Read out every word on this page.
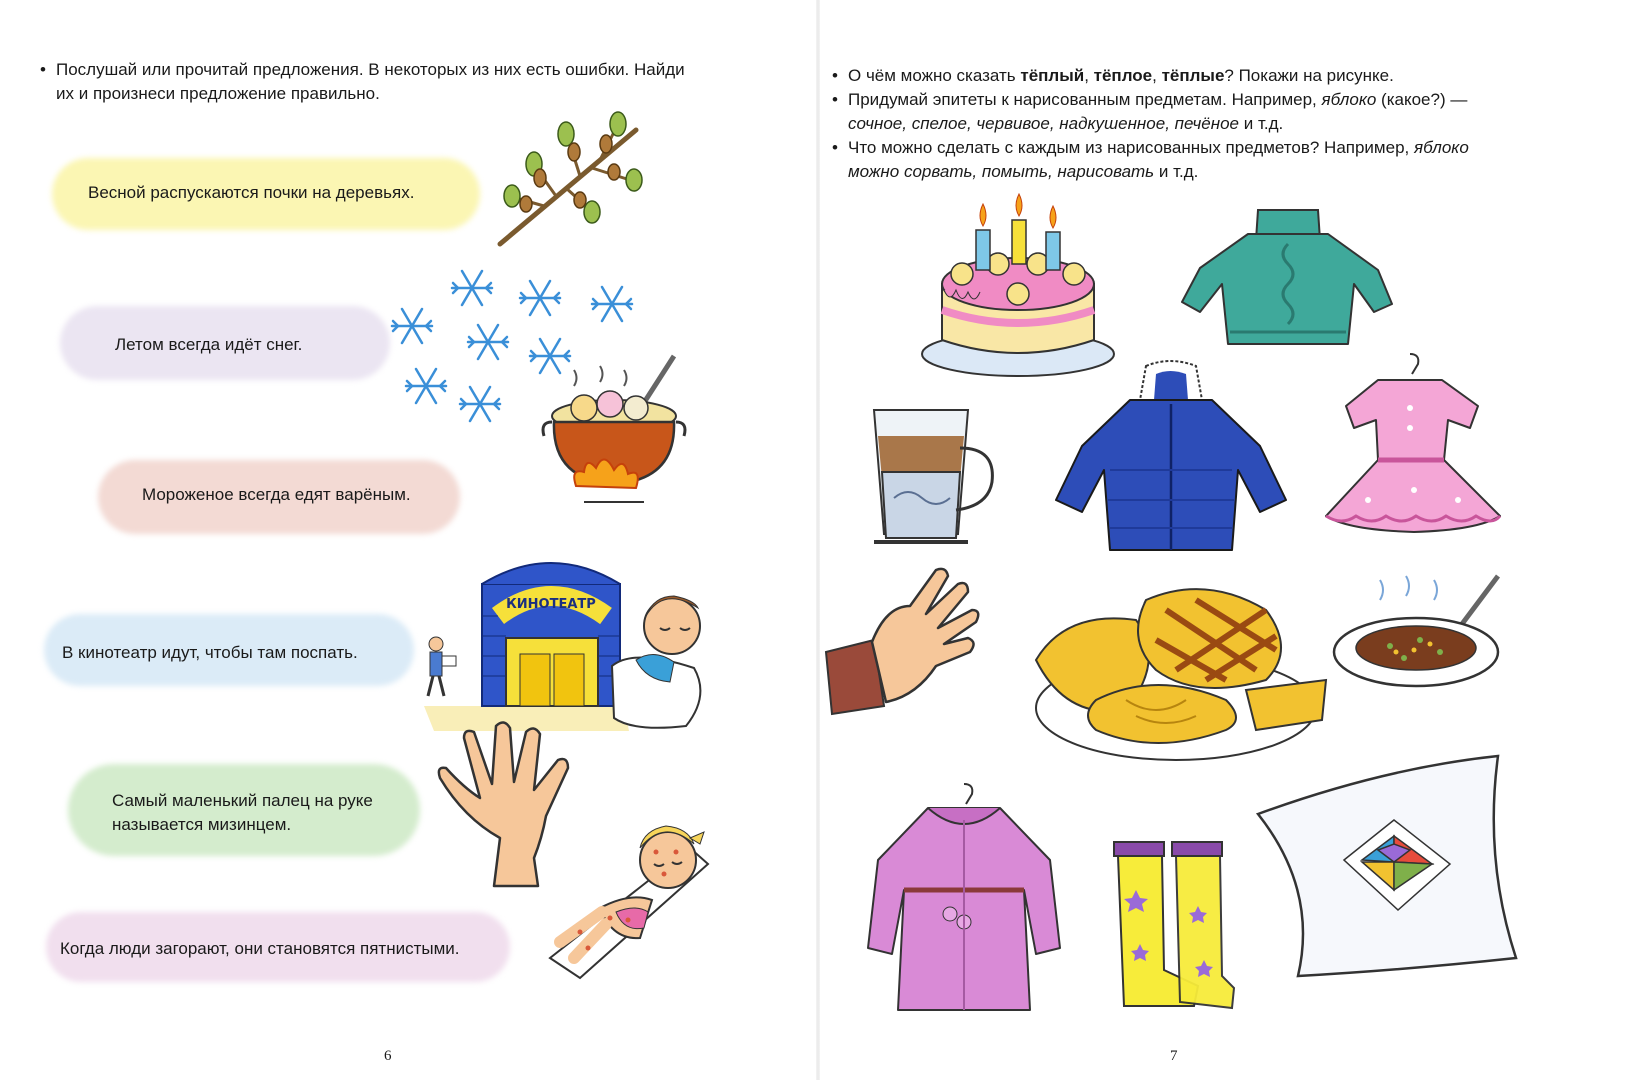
• Послушай или прочитай предложения. В некоторых из них есть ошибки. Найди
их и произнеси предложение правильно.
Весной распускаются почки на деревьях.
Летом всегда идёт снег.
Мороженое всегда едят варёным.
В кинотеатр идут, чтобы там поспать.
Самый маленький палец на руке
называется мизинцем.
Когда люди загорают, они становятся пятнистыми.
КИНОТЕАТР
6
• О чём можно сказать тёплый, тёплое, тёплые? Покажи на рисунке.
• Придумай эпитеты к нарисованным предметам. Например, яблоко (какое?) —
сочное, спелое, червивое, надкушенное, печёное и т.д.
• Что можно сделать с каждым из нарисованных предметов? Например, яблоко
можно сорвать, помыть, нарисовать и т.д.
7
